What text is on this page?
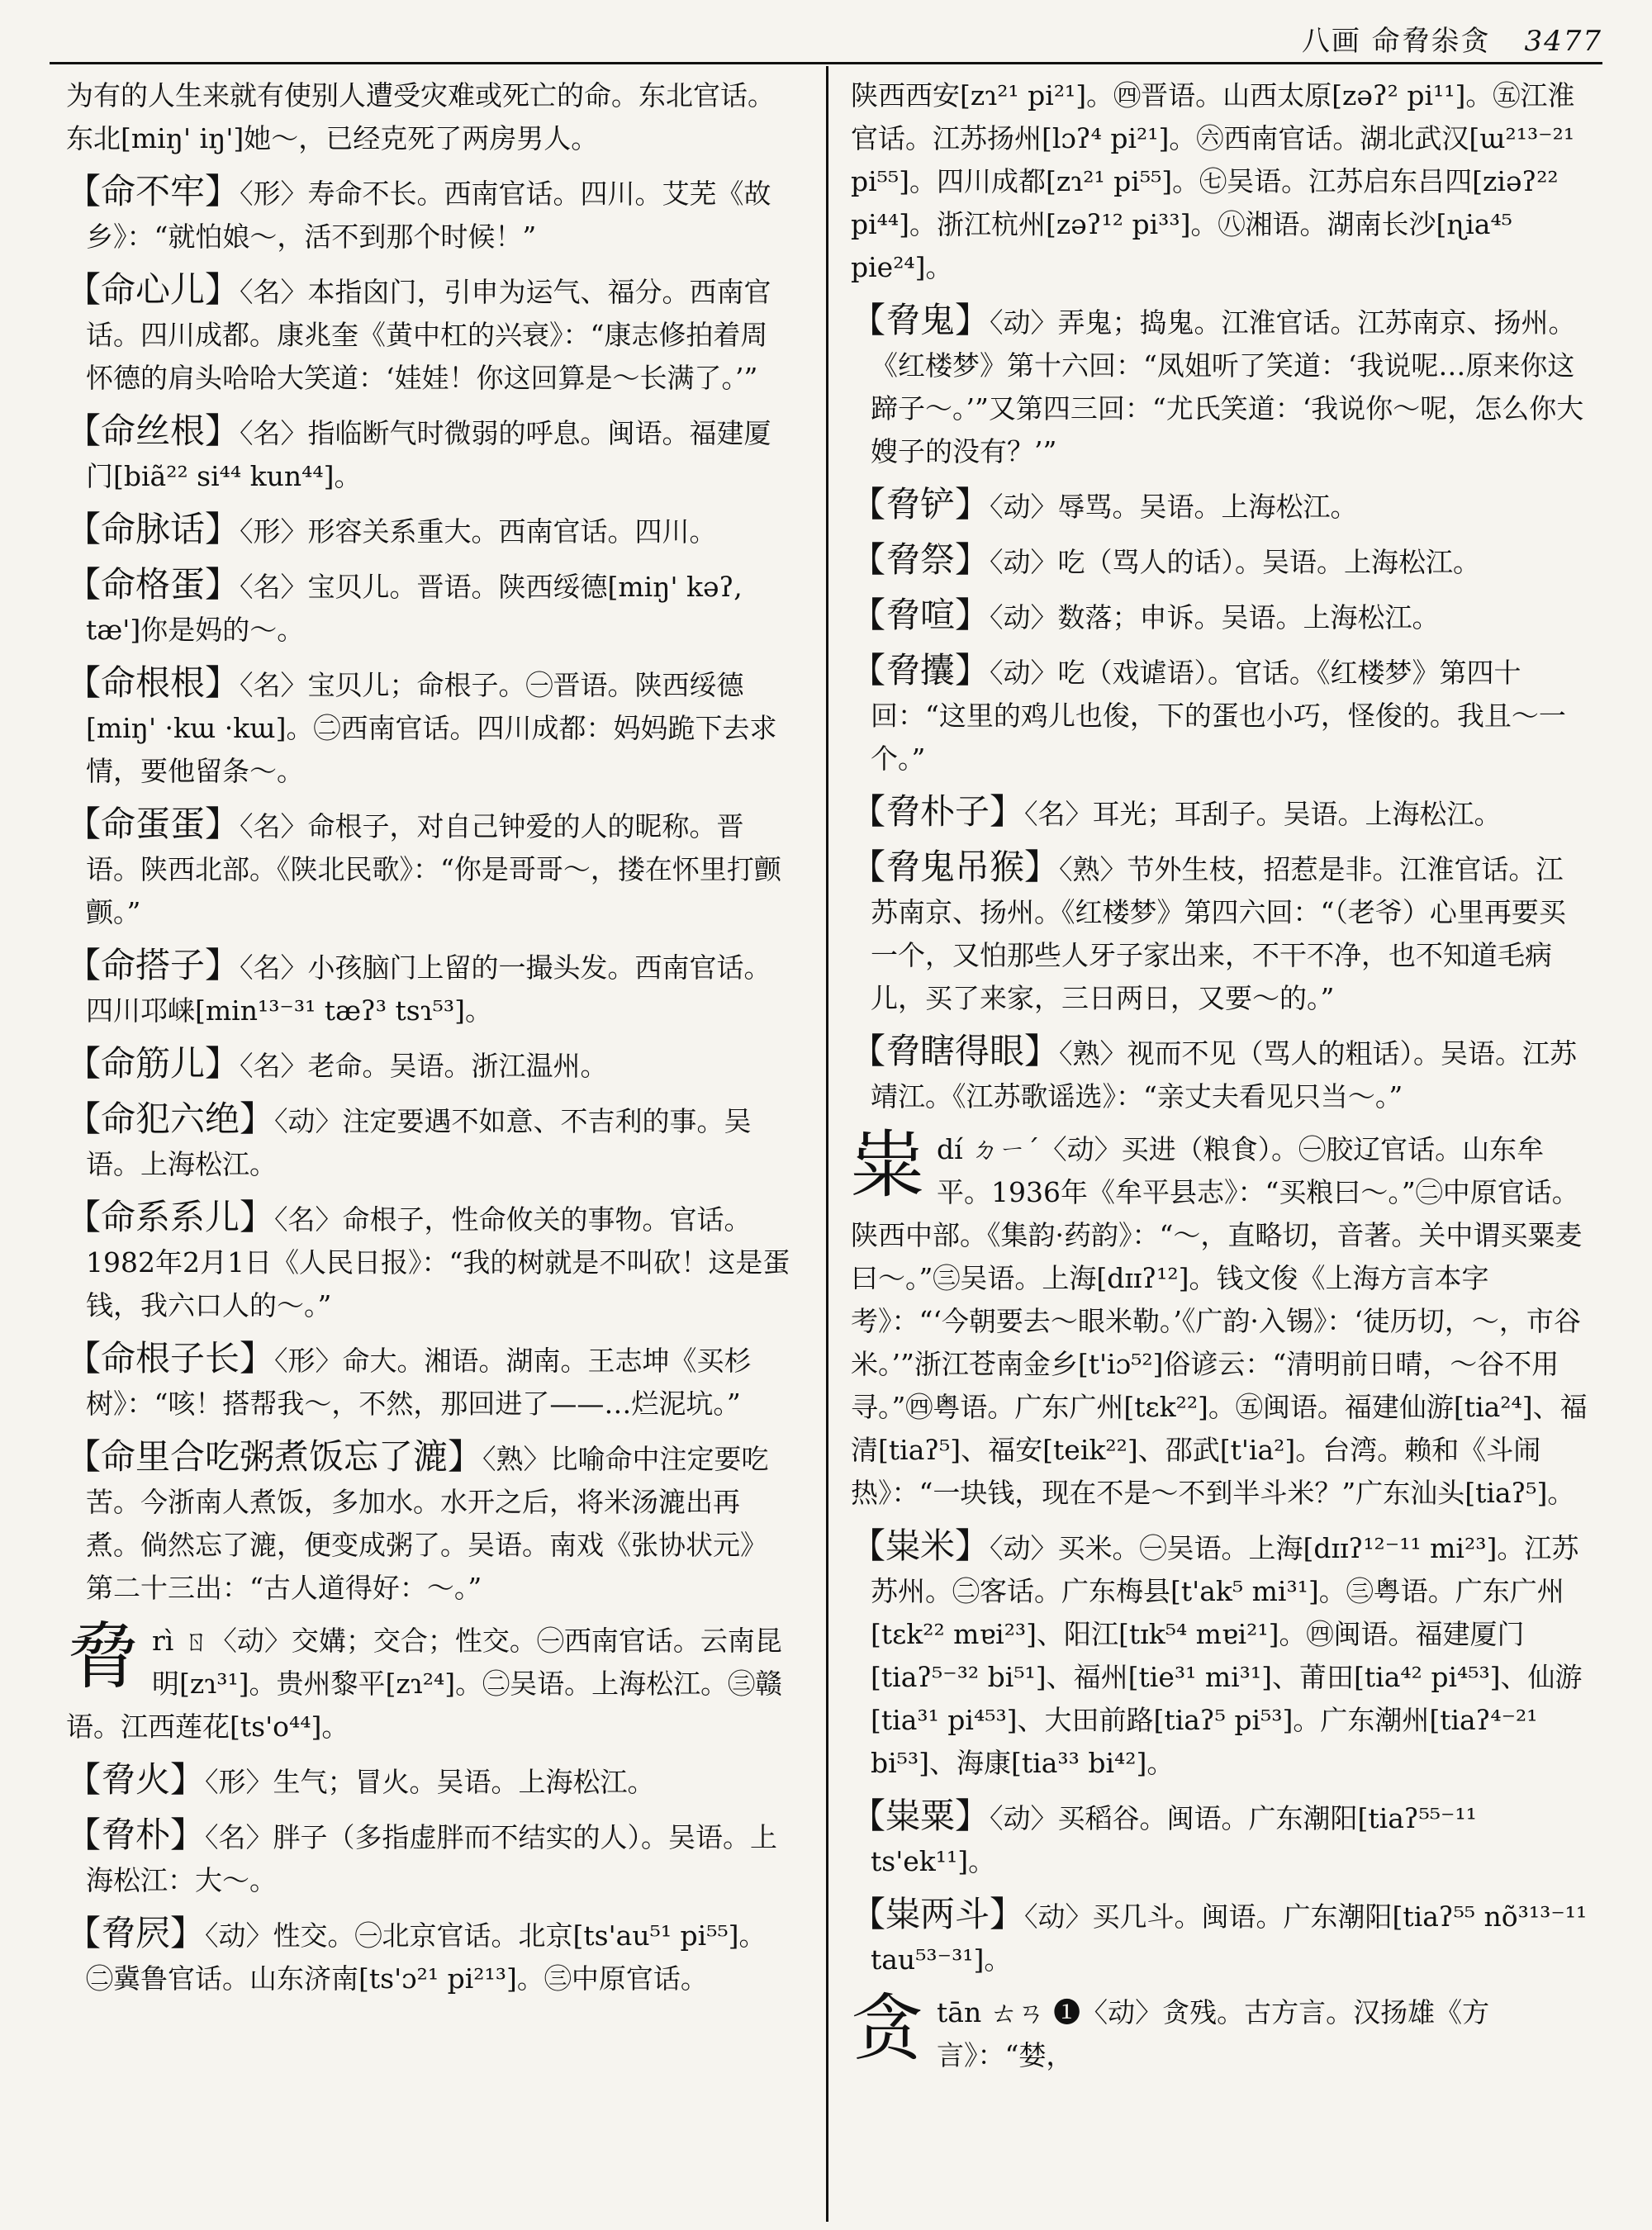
八画 命脅尜贪 3477
为有的人生来就有使别人遭受灾难或死亡的命。东北官话。东北[miŋ' iŋ']她～，已经克死了两房男人。
【命不牢】〈形〉寿命不长。西南官话。四川。艾芜《故乡》：“就怕娘～，活不到那个时候！”
【命心儿】〈名〉本指囟门，引申为运气、福分。西南官话。四川成都。康兆奎《黄中杠的兴衰》：“康志修拍着周怀德的肩头哈哈大笑道：‘娃娃！你这回算是～长满了。’”
【命丝根】〈名〉指临断气时微弱的呼息。闽语。福建厦门[biã²² si⁴⁴ kun⁴⁴]。
【命脉话】〈形〉形容关系重大。西南官话。四川。
【命格蛋】〈名〉宝贝儿。晋语。陕西绥德[miŋ' kəʔ, tæ']你是妈的～。
【命根根】〈名〉宝贝儿；命根子。㊀晋语。陕西绥德[miŋ' ·kɯ ·kɯ]。㊁西南官话。四川成都：妈妈跪下去求情，要他留条～。
【命蛋蛋】〈名〉命根子，对自己钟爱的人的昵称。晋语。陕西北部。《陕北民歌》：“你是哥哥～，搂在怀里打颤颤。”
【命搭子】〈名〉小孩脑门上留的一撮头发。西南官话。四川邛崃[min¹³⁻³¹ tæʔ³ tsɿ⁵³]。
【命筋儿】〈名〉老命。吴语。浙江温州。
【命犯六绝】〈动〉注定要遇不如意、不吉利的事。吴语。上海松江。
【命系系儿】〈名〉命根子，性命攸关的事物。官话。1982年2月1日《人民日报》：“我的树就是不叫砍！这是蛋钱，我六口人的～。”
【命根子长】〈形〉命大。湘语。湖南。王志坤《买杉树》：“咳！搭帮我～，不然，那回进了——…烂泥坑。”
【命里合吃粥煮饭忘了漉】〈熟〉比喻命中注定要吃苦。今浙南人煮饭，多加水。水开之后，将米汤漉出再煮。倘然忘了漉，便变成粥了。吴语。南戏《张协状元》第二十三出：“古人道得好：～。”
脅rì ㄖ〈动〉交媾；交合；性交。㊀西南官话。云南昆明[zɿ³¹]。贵州黎平[zɿ²⁴]。㊁吴语。上海松江。㊂赣语。江西莲花[ts'o⁴⁴]。
【脅火】〈形〉生气；冒火。吴语。上海松江。
【脅朴】〈名〉胖子（多指虚胖而不结实的人）。吴语。上海松江：大～。
【脅屄】〈动〉性交。㊀北京官话。北京[ts'au⁵¹ pi⁵⁵]。㊁冀鲁官话。山东济南[ts'ɔ²¹ pi²¹³]。㊂中原官话。
陕西西安[zɿ²¹ pi²¹]。㊃晋语。山西太原[zəʔ² pi¹¹]。㊄江淮官话。江苏扬州[lɔʔ⁴ pi²¹]。㊅西南官话。湖北武汉[ɯ²¹³⁻²¹ pi⁵⁵]。四川成都[zɿ²¹ pi⁵⁵]。㊆吴语。江苏启东吕四[ziəʔ²² pi⁴⁴]。浙江杭州[zəʔ¹² pi³³]。㊇湘语。湖南长沙[ɳia⁴⁵ pie²⁴]。
【脅鬼】〈动〉弄鬼；捣鬼。江淮官话。江苏南京、扬州。《红楼梦》第十六回：“凤姐听了笑道：‘我说呢…原来你这蹄子～。’”又第四三回：“尤氏笑道：‘我说你～呢，怎么你大嫂子的没有？’”
【脅铲】〈动〉辱骂。吴语。上海松江。
【脅祭】〈动〉吃（骂人的话）。吴语。上海松江。
【脅喧】〈动〉数落；申诉。吴语。上海松江。
【脅攮】〈动〉吃（戏谑语）。官话。《红楼梦》第四十回：“这里的鸡儿也俊，下的蛋也小巧，怪俊的。我且～一个。”
【脅朴子】〈名〉耳光；耳刮子。吴语。上海松江。
【脅鬼吊猴】〈熟〉节外生枝，招惹是非。江淮官话。江苏南京、扬州。《红楼梦》第四六回：“（老爷）心里再要买一个，又怕那些人牙子家出来，不干不净，也不知道毛病儿，买了来家，三日两日，又要～的。”
【脅瞎得眼】〈熟〉视而不见（骂人的粗话）。吴语。江苏靖江。《江苏歌谣选》：“亲丈夫看见只当～。”
粜dí ㄉㄧˊ〈动〉买进（粮食）。㊀胶辽官话。山东牟平。1936年《牟平县志》：“买粮曰～。”㊁中原官话。陕西中部。《集韵·药韵》：“～，直略切，音著。关中谓买粟麦曰～。”㊂吴语。上海[dɪɪʔ¹²]。钱文俊《上海方言本字考》：“‘今朝要去～眼米勒。’《广韵·入锡》：‘徒历切，～，市谷米。’”浙江苍南金乡[t'iɔ⁵²]俗谚云：“清明前日晴，～谷不用寻。”㊃粤语。广东广州[tɛk²²]。㊄闽语。福建仙游[tia²⁴]、福清[tiaʔ⁵]、福安[teik²²]、邵武[t'ia²]。台湾。赖和《斗闹热》：“一块钱，现在不是～不到半斗米？”广东汕头[tiaʔ⁵]。
【粜米】〈动〉买米。㊀吴语。上海[dɪɪʔ¹²⁻¹¹ mi²³]。江苏苏州。㊁客话。广东梅县[t'ak⁵ mi³¹]。㊂粤语。广东广州[tɛk²² mɐi²³]、阳江[tɪk⁵⁴ mɐi²¹]。㊃闽语。福建厦门[tiaʔ⁵⁻³² bi⁵¹]、福州[tie³¹ mi³¹]、莆田[tia⁴² pi⁴⁵³]、仙游[tia³¹ pi⁴⁵³]、大田前路[tiaʔ⁵ pi⁵³]。广东潮州[tiaʔ⁴⁻²¹ bi⁵³]、海康[tia³³ bi⁴²]。
【粜粟】〈动〉买稻谷。闽语。广东潮阳[tiaʔ⁵⁵⁻¹¹ ts'ek¹¹]。
【粜两斗】〈动〉买几斗。闽语。广东潮阳[tiaʔ⁵⁵ nõ³¹³⁻¹¹ tau⁵³⁻³¹]。
贪tān ㄊㄢ ❶〈动〉贪残。古方言。汉扬雄《方言》：“婪，
